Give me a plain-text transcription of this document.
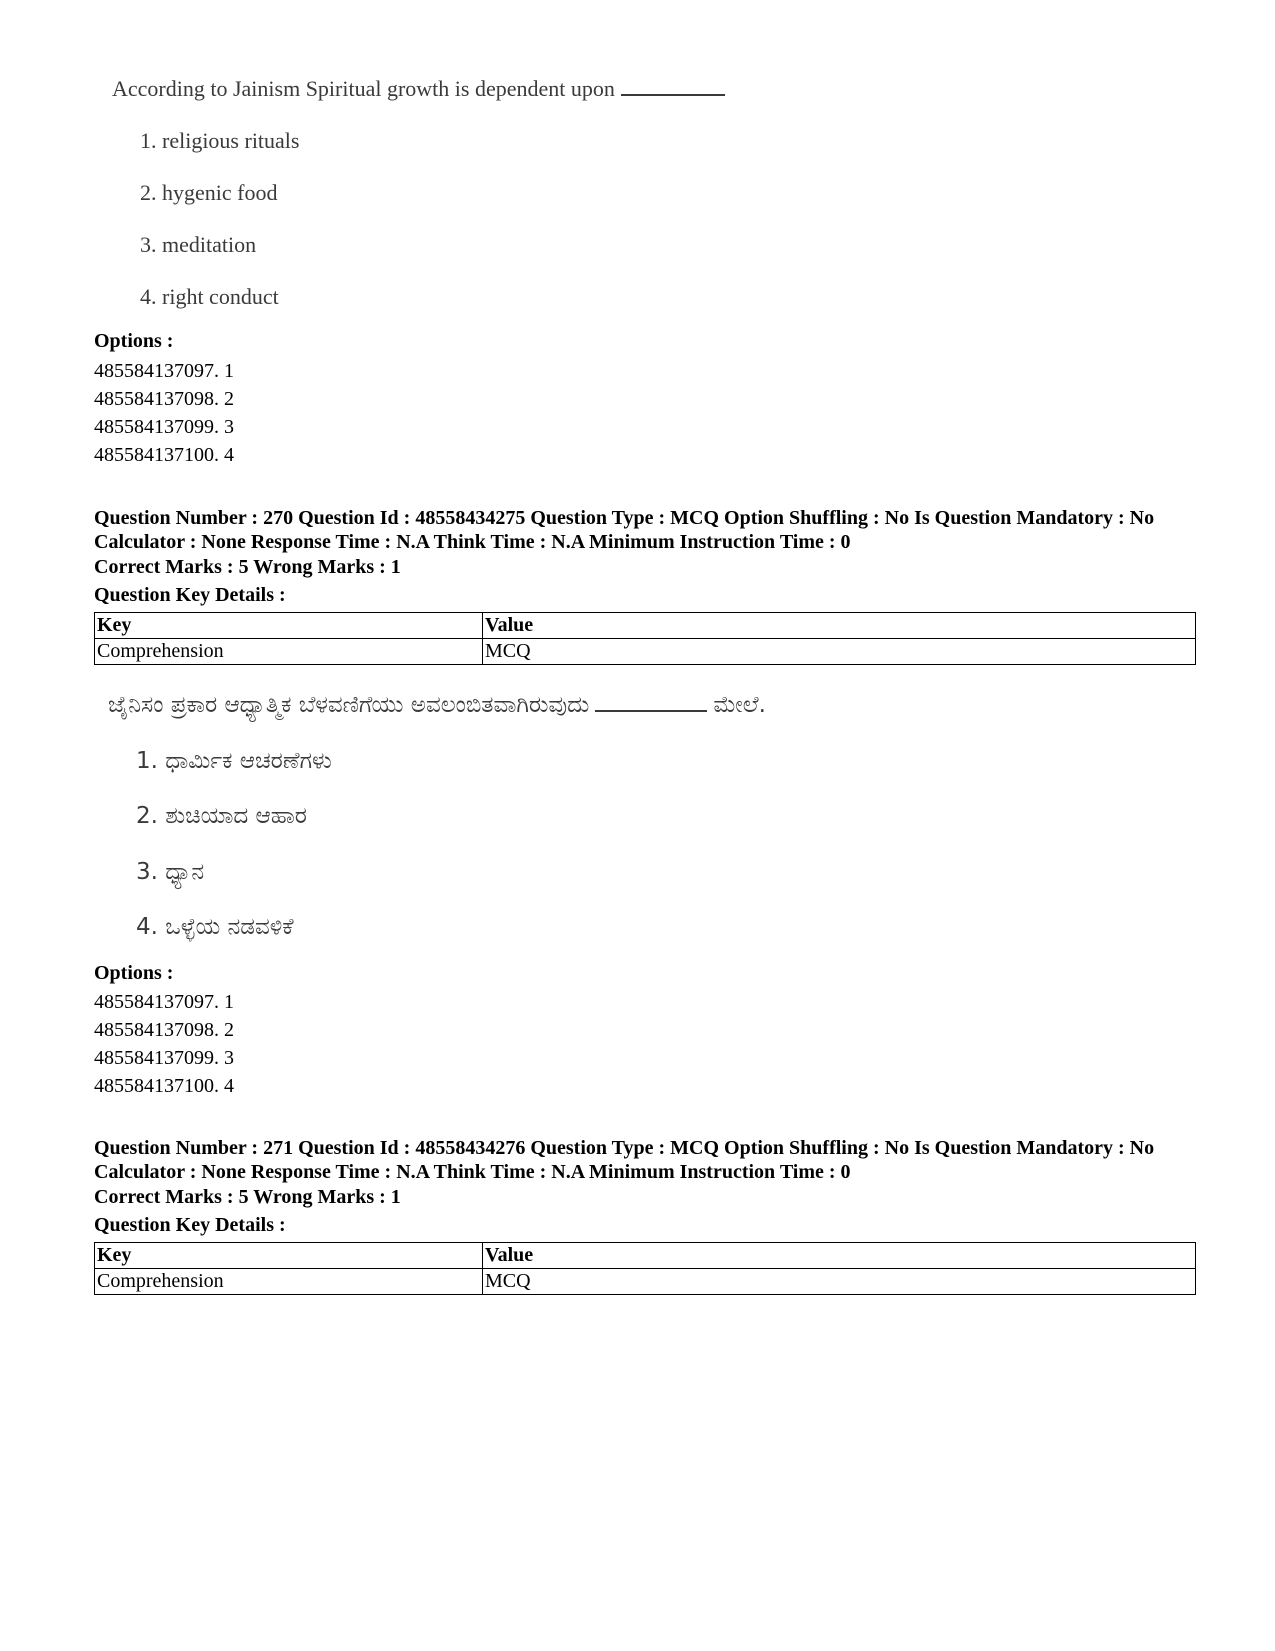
According to Jainism Spiritual growth is dependent upon
1. religious rituals
2. hygenic food
3. meditation
4. right conduct
Options :
485584137097. 1
485584137098. 2
485584137099. 3
485584137100. 4
Question Number : 270 Question Id : 48558434275 Question Type : MCQ Option Shuffling : No Is Question Mandatory : No Calculator : None Response Time : N.A Think Time : N.A Minimum Instruction Time : 0
Correct Marks : 5 Wrong Marks : 1
Question Key Details :
Key	Value
Comprehension	MCQ
ಜೈನಿಸಂ ಪ್ರಕಾರ ಆಧ್ಯಾತ್ಮಿಕ ಬೆಳವಣಿಗೆಯು ಅವಲಂಬಿತವಾಗಿರುವುದು	ಮೇಲೆ.
1. ಧಾರ್ಮಿಕ ಆಚರಣೆಗಳು
2. ಶುಚಿಯಾದ ಆಹಾರ
3. ಧ್ಯಾನ
4. ಒಳ್ಳೆಯ ನಡವಳಿಕೆ
Options :
485584137097. 1
485584137098. 2
485584137099. 3
485584137100. 4
Question Number : 271 Question Id : 48558434276 Question Type : MCQ Option Shuffling : No Is Question Mandatory : No Calculator : None Response Time : N.A Think Time : N.A Minimum Instruction Time : 0
Correct Marks : 5 Wrong Marks : 1
Question Key Details :
Key	Value
Comprehension	MCQ
